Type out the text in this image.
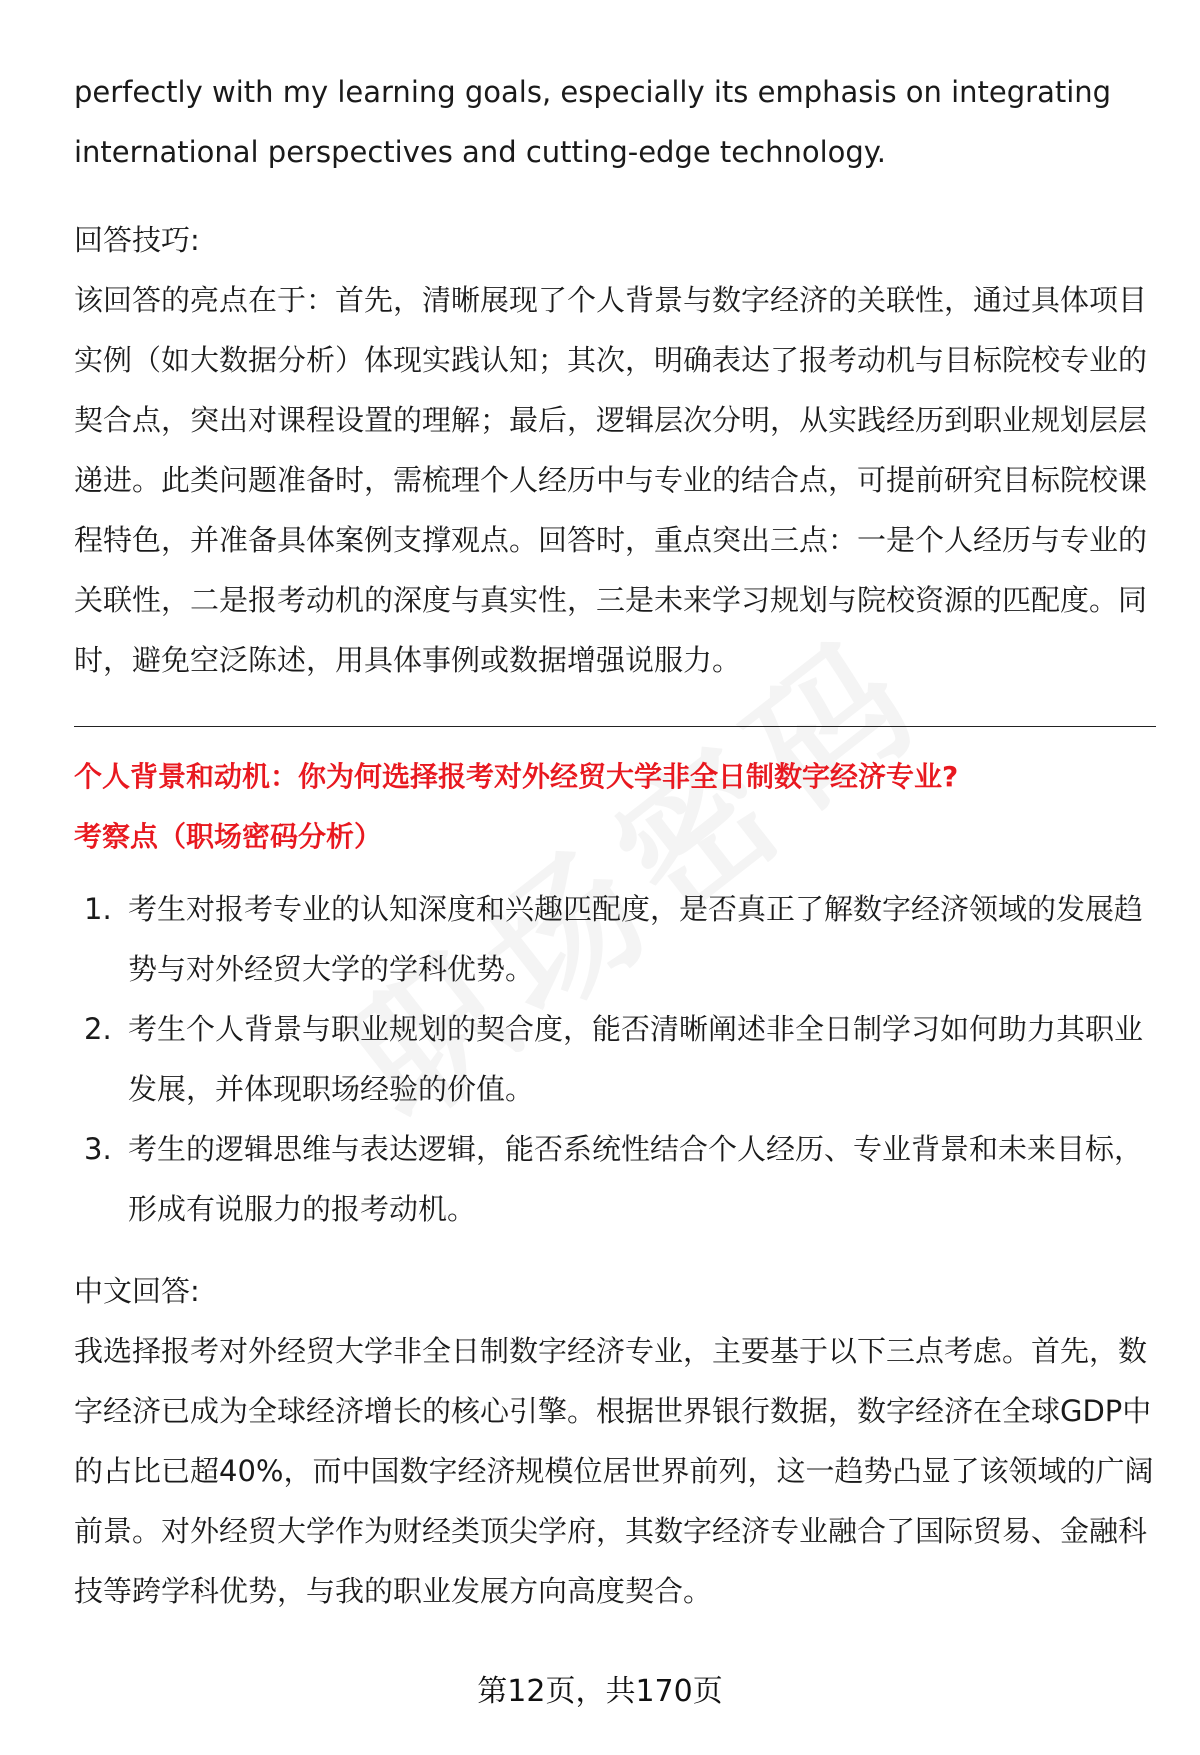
perfectly with my learning goals, especially its emphasis on integrating

international perspectives and cutting-edge technology.

回答技巧:

该回答的亮点在于：首先，清晰展现了个人背景与数字经济的关联性，通过具体项目实例（如大数据分析）体现实践认知；其次，明确表达了报考动机与目标院校专业的契合点，突出对课程设置的理解；最后，逻辑层次分明，从实践经历到职业规划层层递进。此类问题准备时，需梳理个人经历中与专业的结合点，可提前研究目标院校课程特色，并准备具体案例支撑观点。回答时，重点突出三点：一是个人经历与专业的关联性，二是报考动机的深度与真实性，三是未来学习规划与院校资源的匹配度。同时，避免空泛陈述，用具体事例或数据增强说服力。

个人背景和动机：你为何选择报考对外经贸大学非全日制数字经济专业?

考察点（职场密码分析）

1. 考生对报考专业的认知深度和兴趣匹配度，是否真正了解数字经济领域的发展趋势与对外经贸大学的学科优势。
2. 考生个人背景与职业规划的契合度，能否清晰阐述非全日制学习如何助力其职业发展，并体现职场经验的价值。
3. 考生的逻辑思维与表达逻辑，能否系统性结合个人经历、专业背景和未来目标，形成有说服力的报考动机。

中文回答:

我选择报考对外经贸大学非全日制数字经济专业，主要基于以下三点考虑。首先，数字经济已成为全球经济增长的核心引擎。根据世界银行数据，数字经济在全球GDP中的占比已超40%，而中国数字经济规模位居世界前列，这一趋势凸显了该领域的广阔前景。对外经贸大学作为财经类顶尖学府，其数字经济专业融合了国际贸易、金融科技等跨学科优势，与我的职业发展方向高度契合。

第12页，共170页
